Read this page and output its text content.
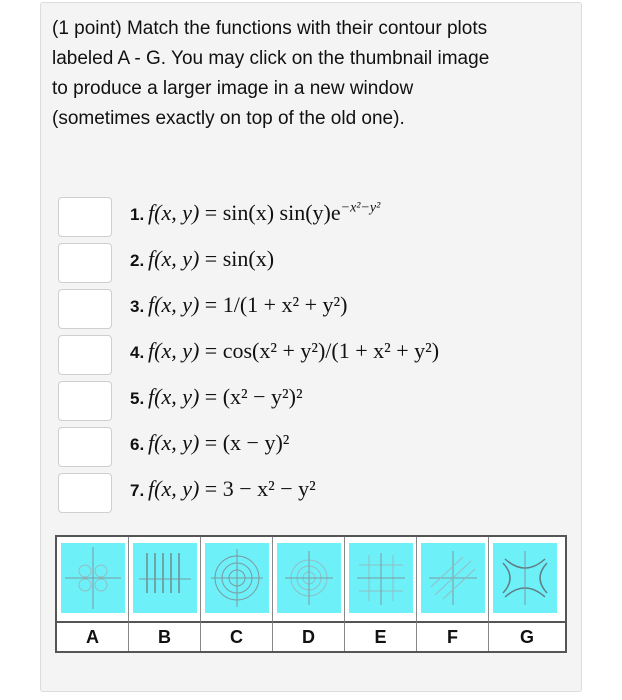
(1 point) Match the functions with their contour plots
labeled A - G. You may click on the thumbnail image
to produce a larger image in a new window
(sometimes exactly on top of the old one).
1. f(x, y) = sin(x) $\sin(y)e^{-x^2-y^2}$
2. f(x, y) = sin(x)
3. f(x, y) = 1/(1 + x² + y²)
4. f(x, y) = cos(x² + y²)/(1 + x² + y²)
5. f(x, y) = (x² − y²)²
6. f(x, y) = (x − y)²
7. f(x, y) = 3 − x² − y²
A	B	C	D	E	F	G
